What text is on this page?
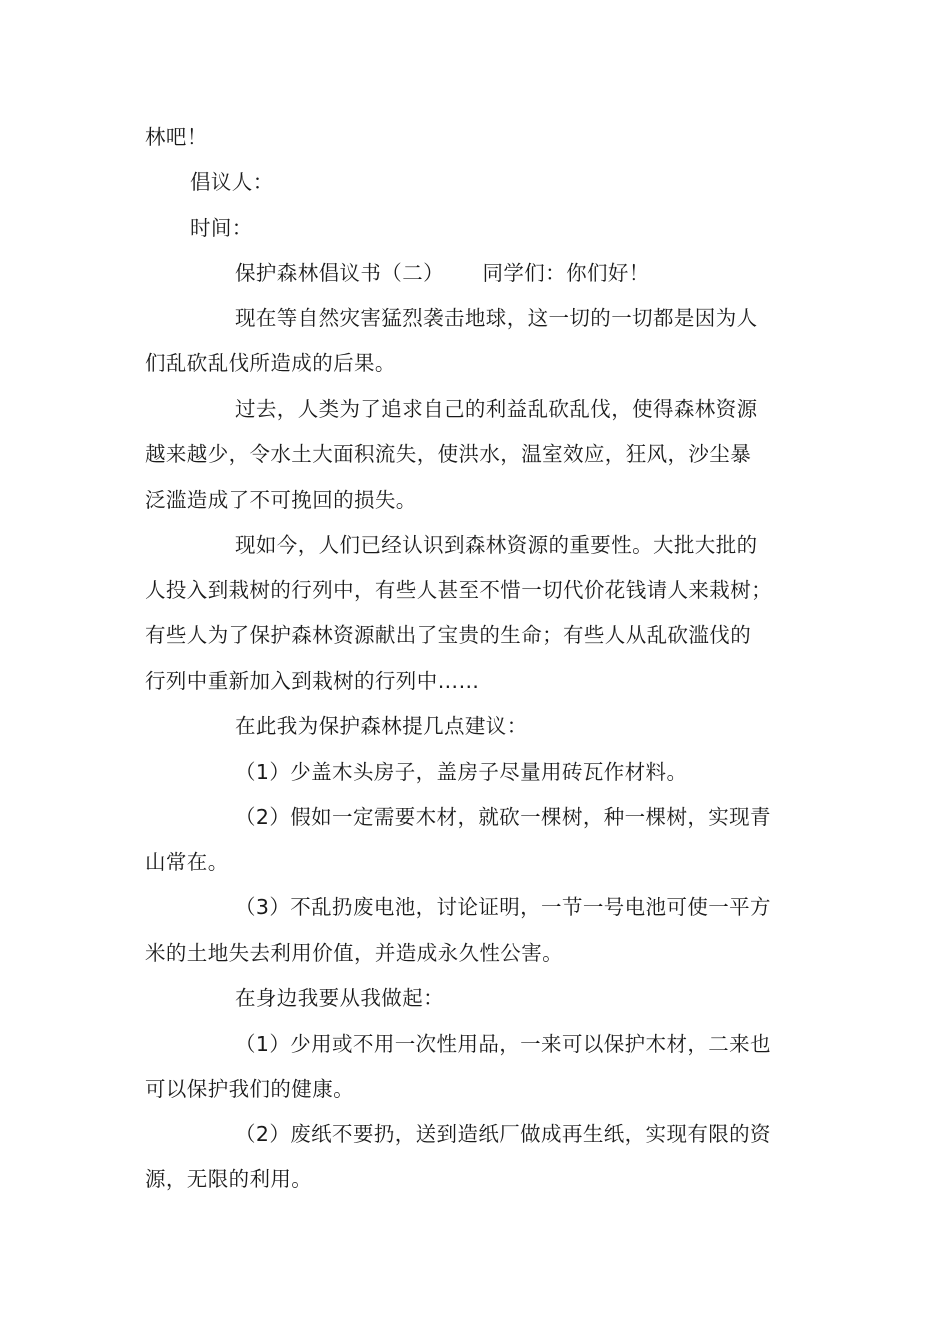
林吧！
倡议人：
时间：
保护森林倡议书（二）　　 同学们：你们好！
现在等自然灾害猛烈袭击地球，这一切的一切都是因为人
们乱砍乱伐所造成的后果。
过去，人类为了追求自己的利益乱砍乱伐，使得森林资源
越来越少，令水土大面积流失，使洪水，温室效应，狂风，沙尘暴
泛滥造成了不可挽回的损失。
现如今，人们已经认识到森林资源的重要性。大批大批的
人投入到栽树的行列中，有些人甚至不惜一切代价花钱请人来栽树；
有些人为了保护森林资源献出了宝贵的生命；有些人从乱砍滥伐的
行列中重新加入到栽树的行列中……
在此我为保护森林提几点建议：
（1）少盖木头房子，盖房子尽量用砖瓦作材料。
（2）假如一定需要木材，就砍一棵树，种一棵树，实现青
山常在。
（3）不乱扔废电池，讨论证明，一节一号电池可使一平方
米的土地失去利用价值，并造成永久性公害。
在身边我要从我做起：
（1）少用或不用一次性用品，一来可以保护木材，二来也
可以保护我们的健康。
（2）废纸不要扔，送到造纸厂做成再生纸，实现有限的资
源，无限的利用。
